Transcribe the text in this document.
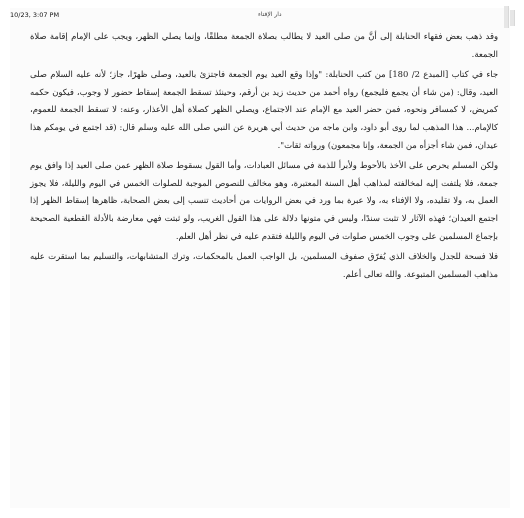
10/23, 3:07 PM	دار الإفتاء

وقد ذهب بعض فقهاء الحنابلة إلى أنَّ من صلى العيد لا يطالب بصلاة الجمعة مطلقًا، وإنما يصلي الظهر، ويجب على الإمام إقامة صلاة الجمعة.

جاء في كتاب [المبدع 2/ 180] من كتب الحنابلة: "وإذا وقع العيد يوم الجمعة فاجتزئ بالعيد، وصلى ظهرًا، جاز؛ لأنه عليه السلام صلى العيد، وقال: (من شاء أن يجمع فليجمع) رواه أحمد من حديث زيد بن أرقم، وحينئذ تسقط الجمعة إسقاط حضور لا وجوب، فيكون حكمه كمريض، لا كمسافر ونحوه، فمن حضر العيد مع الإمام عند الاجتماع، ويصلي الظهر كصلاة أهل الأعذار، وعنه: لا تسقط الجمعة للعموم، كالإمام... هذا المذهب لما روى أبو داود، وابن ماجه من حديث أبي هريرة عن النبي صلى الله عليه وسلم قال: (قد اجتمع في يومكم هذا عيدان، فمن شاء أجزأه من الجمعة، وإنا مجمعون) ورواته ثقات".

ولكن المسلم يحرص على الأخذ بالأحوط ولأبرأ للذمة في مسائل العبادات، وأما القول بسقوط صلاة الظهر عمن صلى العيد إذا وافق يوم جمعة، فلا يلتفت إليه لمخالفته لمذاهب أهل السنة المعتبرة، وهو مخالف للنصوص الموجبة للصلوات الخمس في اليوم والليلة، فلا يجوز العمل به، ولا تقليده، ولا الإفتاء به، ولا عبرة بما ورد في بعض الروايات من أحاديث تنسب إلى بعض الصحابة، ظاهرها إسقاط الظهر إذا اجتمع العيدان؛ فهذه الآثار لا تثبت سندًا، وليس في متونها دلالة على هذا القول الغريب، ولو ثبتت فهي معارضة بالأدلة القطعية الصحيحة بإجماع المسلمين على وجوب الخمس صلوات في اليوم والليلة فتقدم عليه في نظر أهل العلم.

فلا فسحة للجدل والخلاف الذي يُفرّق صفوف المسلمين، بل الواجب العمل بالمحكمات، وترك المتشابهات، والتسليم بما استقرت عليه مذاهب المسلمين المتبوعة. والله تعالى أعلم.
